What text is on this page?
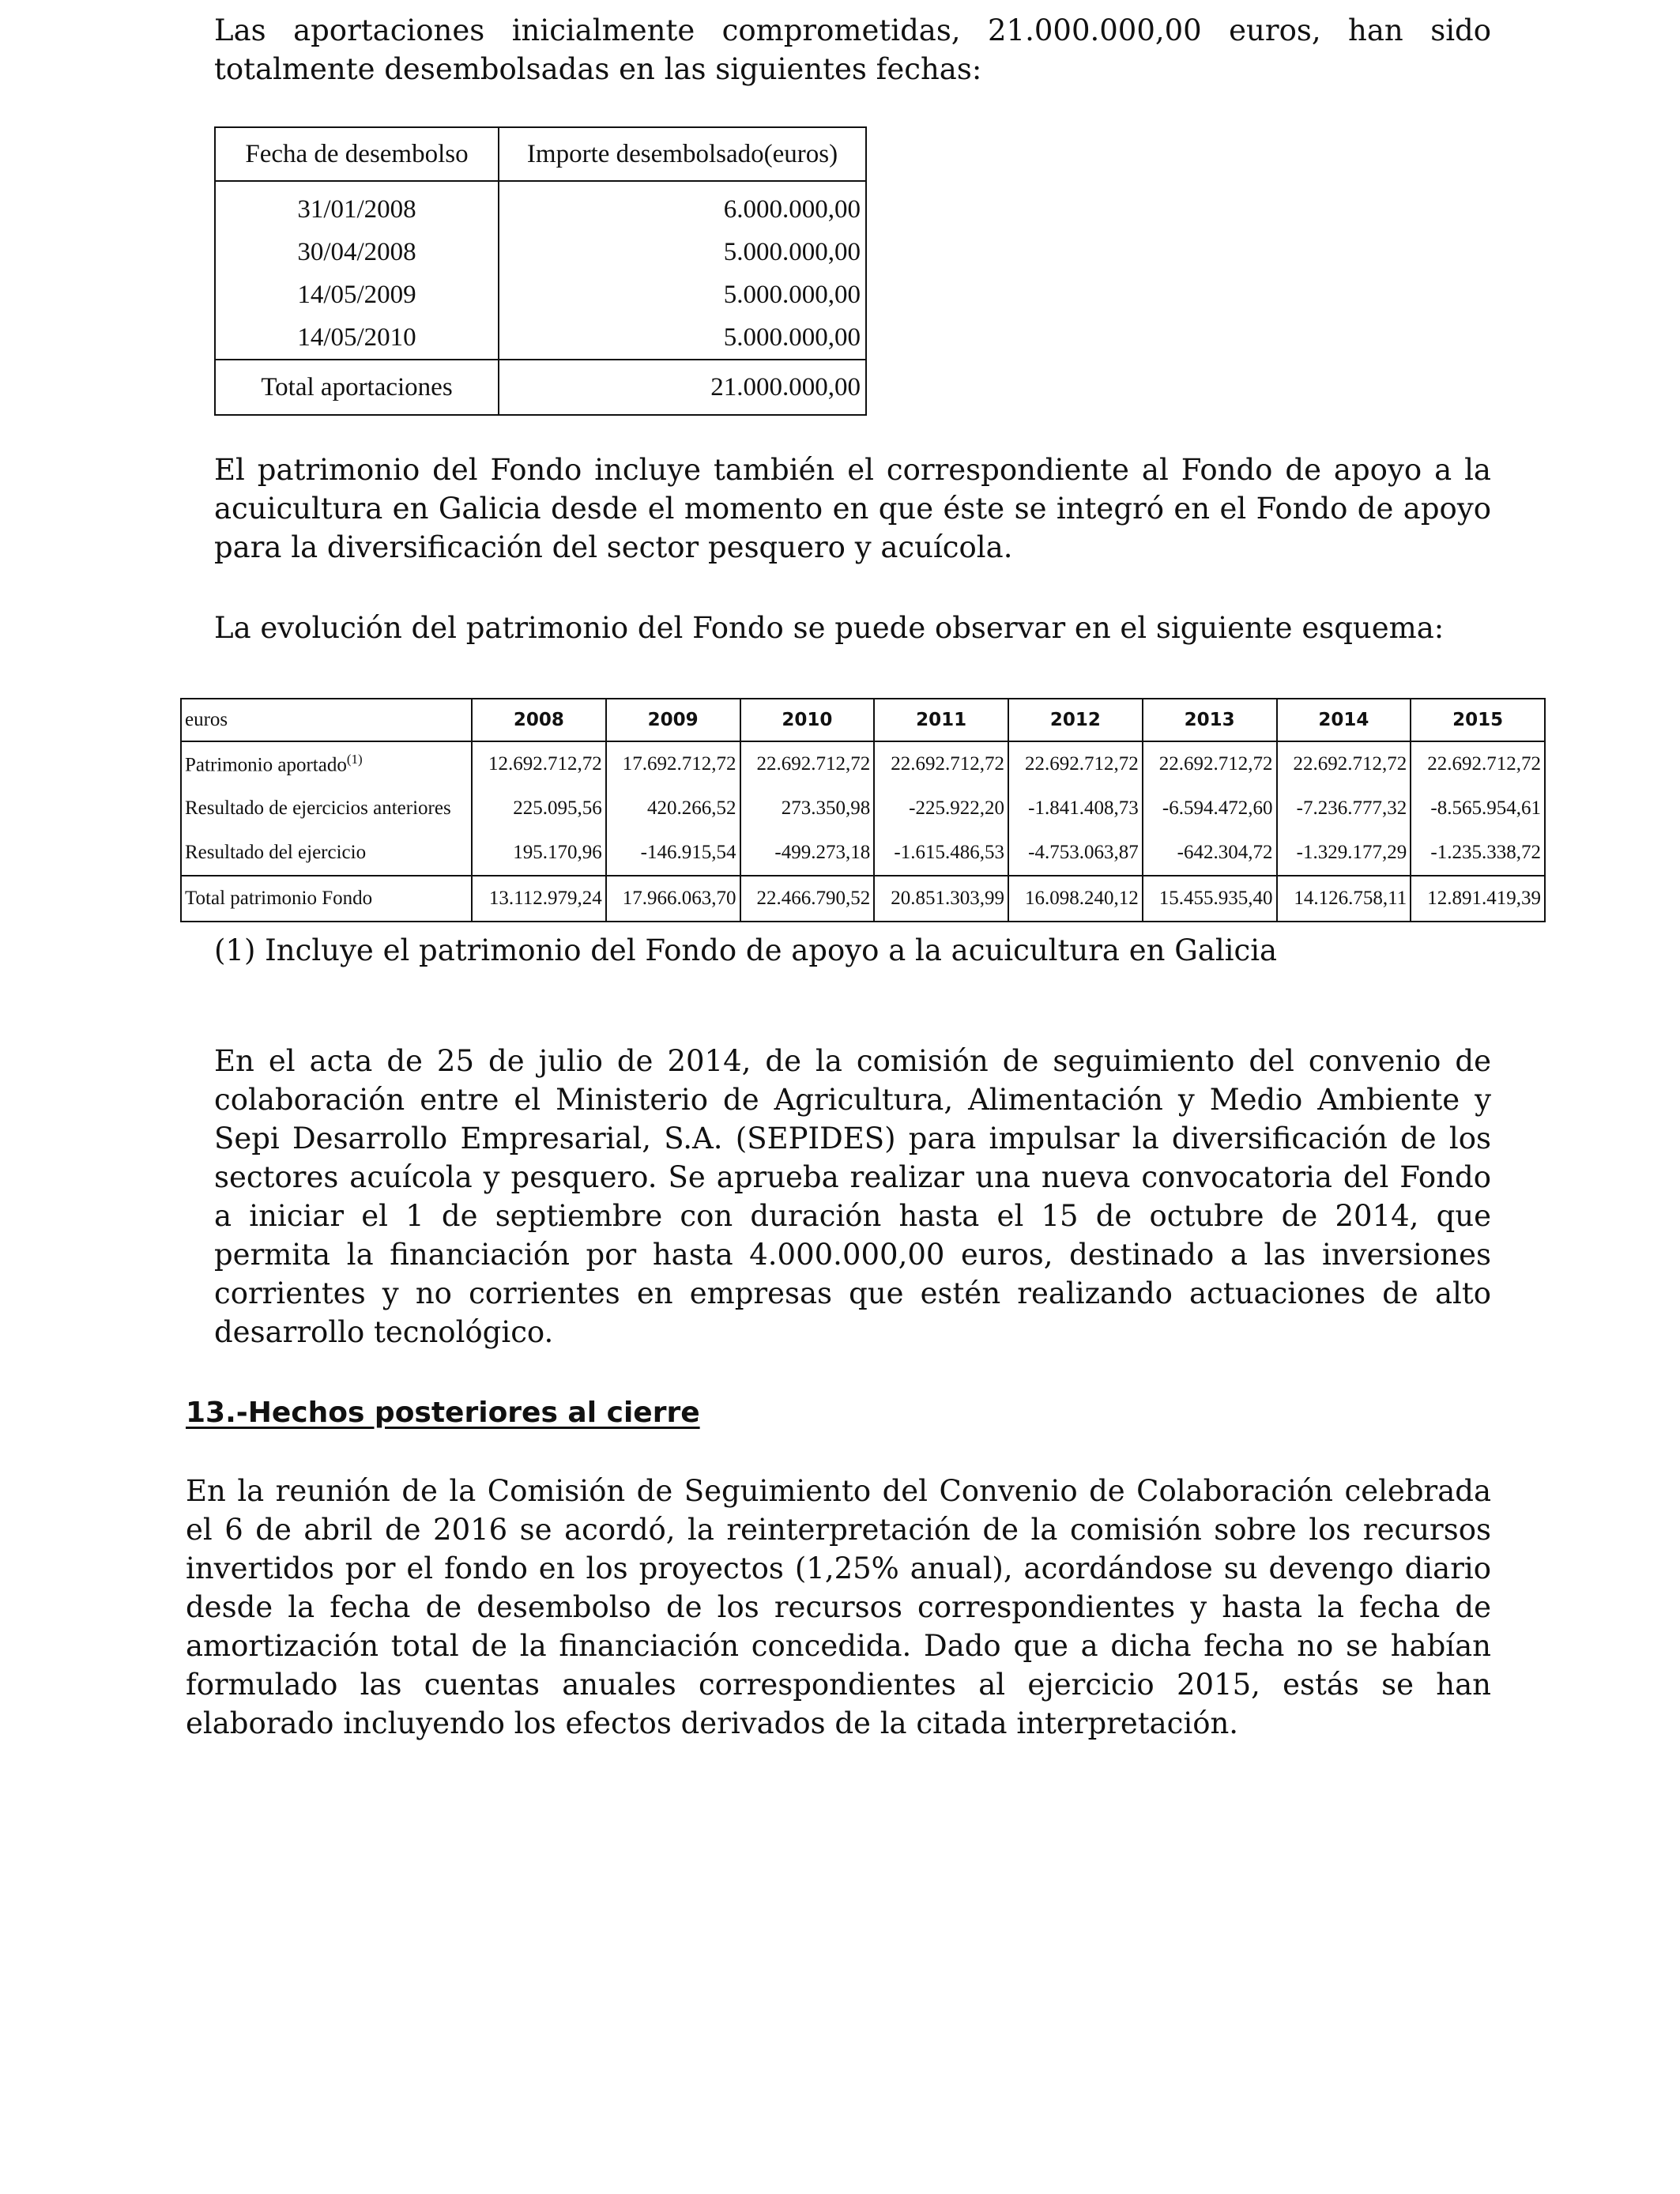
Las aportaciones inicialmente comprometidas, 21.000.000,00 euros, han sido totalmente desembolsadas en las siguientes fechas:

Fecha de desembolso	Importe desembolsado(euros)
31/01/2008	6.000.000,00
30/04/2008	5.000.000,00
14/05/2009	5.000.000,00
14/05/2010	5.000.000,00
Total aportaciones	21.000.000,00

El patrimonio del Fondo incluye también el correspondiente al Fondo de apoyo a la acuicultura en Galicia desde el momento en que éste se integró en el Fondo de apoyo para la diversificación del sector pesquero y acuícola.

La evolución del patrimonio del Fondo se puede observar en el siguiente esquema:

euros	2008	2009	2010	2011	2012	2013	2014	2015
Patrimonio aportado$^{(1)}$	12.692.712,72	17.692.712,72	22.692.712,72	22.692.712,72	22.692.712,72	22.692.712,72	22.692.712,72	22.692.712,72
Resultado de ejercicios anteriores	225.095,56	420.266,52	273.350,98	-225.922,20	-1.841.408,73	-6.594.472,60	-7.236.777,32	-8.565.954,61
Resultado del ejercicio	195.170,96	-146.915,54	-499.273,18	-1.615.486,53	-4.753.063,87	-642.304,72	-1.329.177,29	-1.235.338,72
Total patrimonio Fondo	13.112.979,24	17.966.063,70	22.466.790,52	20.851.303,99	16.098.240,12	15.455.935,40	14.126.758,11	12.891.419,39

(1) Incluye el patrimonio del Fondo de apoyo a la acuicultura en Galicia

En el acta de 25 de julio de 2014, de la comisión de seguimiento del convenio de colaboración entre el Ministerio de Agricultura, Alimentación y Medio Ambiente y Sepi Desarrollo Empresarial, S.A. (SEPIDES) para impulsar la diversificación de los sectores acuícola y pesquero. Se aprueba realizar una nueva convocatoria del Fondo a iniciar el 1 de septiembre con duración hasta el 15 de octubre de 2014, que permita la financiación por hasta 4.000.000,00 euros, destinado a las inversiones corrientes y no corrientes en empresas que estén realizando actuaciones de alto desarrollo tecnológico.

13.-Hechos posteriores al cierre

En la reunión de la Comisión de Seguimiento del Convenio de Colaboración celebrada el 6 de abril de 2016 se acordó, la reinterpretación de la comisión sobre los recursos invertidos por el fondo en los proyectos (1,25% anual), acordándose su devengo diario desde la fecha de desembolso de los recursos correspondientes y hasta la fecha de amortización total de la financiación concedida. Dado que a dicha fecha no se habían formulado las cuentas anuales correspondientes al ejercicio 2015, estás se han elaborado incluyendo los efectos derivados de la citada interpretación.
